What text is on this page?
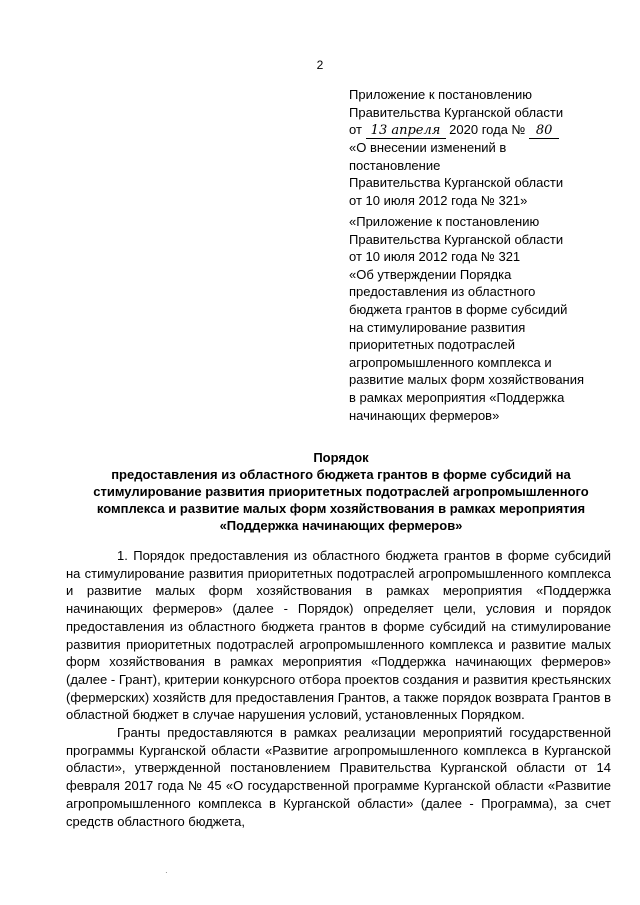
2
Приложение к постановлению
Правительства Курганской области
от 13 апреля 2020 года № 80
«О внесении изменений в
постановление
Правительства Курганской области
от 10 июля 2012 года № 321»
«Приложение к постановлению
Правительства Курганской области
от 10 июля 2012 года № 321
«Об утверждении Порядка
предоставления из областного
бюджета грантов в форме субсидий
на стимулирование развития
приоритетных подотраслей
агропромышленного комплекса и
развитие малых форм хозяйствования
в рамках мероприятия «Поддержка
начинающих фермеров»
Порядок
предоставления из областного бюджета грантов в форме субсидий на
стимулирование развития приоритетных подотраслей агропромышленного
комплекса и развитие малых форм хозяйствования в рамках мероприятия
«Поддержка начинающих фермеров»

1. Порядок предоставления из областного бюджета грантов в форме субсидий на стимулирование развития приоритетных подотраслей агропромышленного комплекса и развитие малых форм хозяйствования в рамках мероприятия «Поддержка начинающих фермеров» (далее - Порядок) определяет цели, условия и порядок предоставления из областного бюджета грантов в форме субсидий на стимулирование развития приоритетных подотраслей агропромышленного комплекса и развитие малых форм хозяйствования в рамках мероприятия «Поддержка начинающих фермеров» (далее - Грант), критерии конкурсного отбора проектов создания и развития крестьянских (фермерских) хозяйств для предоставления Грантов, а также порядок возврата Грантов в областной бюджет в случае нарушения условий, установленных Порядком.

Гранты предоставляются в рамках реализации мероприятий государственной программы Курганской области «Развитие агропромышленного комплекса в Курганской области», утвержденной постановлением Правительства Курганской области от 14 февраля 2017 года № 45 «О государственной программе Курганской области «Развитие агропромышленного комплекса в Курганской области» (далее - Программа), за счет средств областного бюджета,

·
